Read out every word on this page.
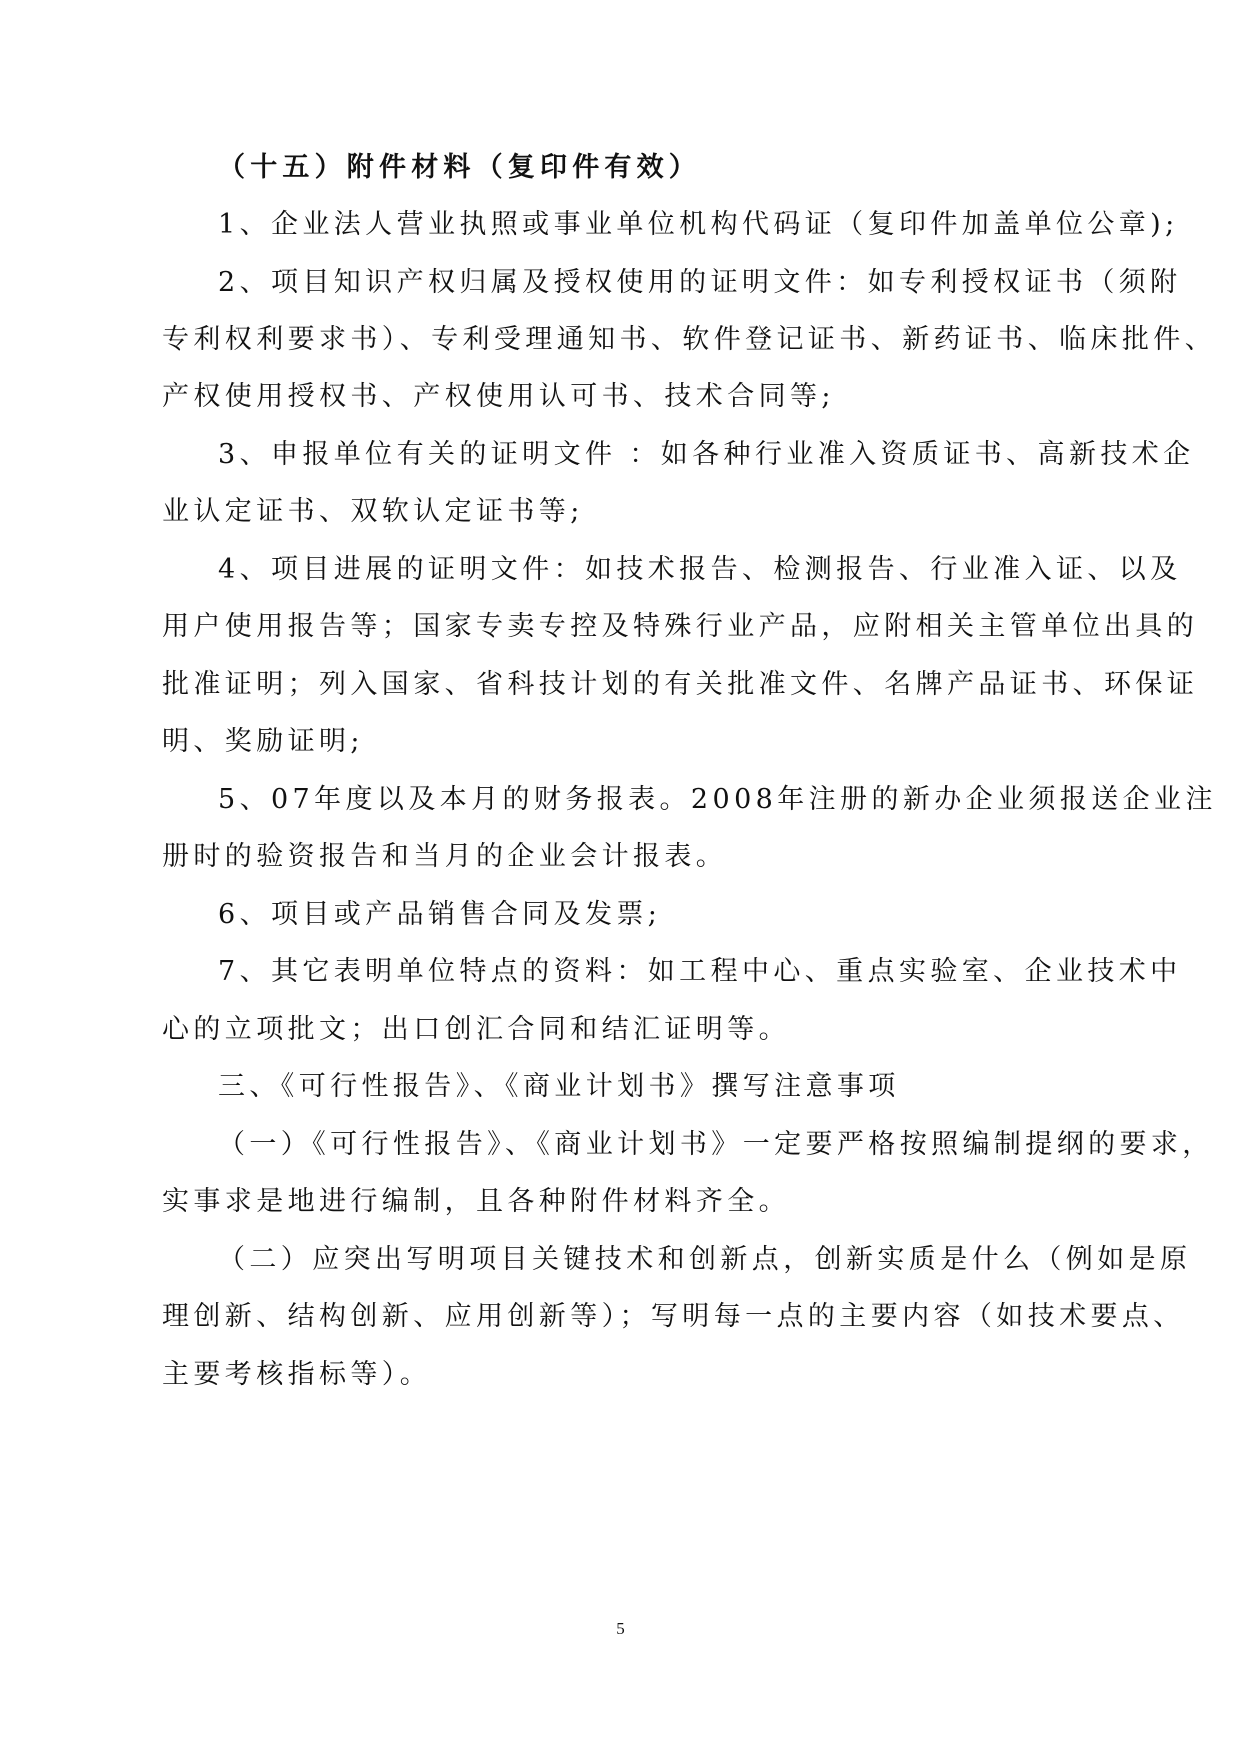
（十五）附件材料（复印件有效）
1、企业法人营业执照或事业单位机构代码证（复印件加盖单位公章);
2、项目知识产权归属及授权使用的证明文件：如专利授权证书（须附
专利权利要求书）、专利受理通知书、软件登记证书、新药证书、临床批件、
产权使用授权书、产权使用认可书、技术合同等;
3、申报单位有关的证明文件 ：如各种行业准入资质证书、高新技术企
业认定证书、双软认定证书等;
4、项目进展的证明文件：如技术报告、检测报告、行业准入证、以及
用户使用报告等；国家专卖专控及特殊行业产品，应附相关主管单位出具的
批准证明；列入国家、省科技计划的有关批准文件、名牌产品证书、环保证
明、奖励证明;
5、07年度以及本月的财务报表。2008年注册的新办企业须报送企业注
册时的验资报告和当月的企业会计报表。
6、项目或产品销售合同及发票;
7、其它表明单位特点的资料：如工程中心、重点实验室、企业技术中
心的立项批文；出口创汇合同和结汇证明等。
三、《可行性报告》、《商业计划书》撰写注意事项
（一）《可行性报告》、《商业计划书》一定要严格按照编制提纲的要求，
实事求是地进行编制，且各种附件材料齐全。
（二）应突出写明项目关键技术和创新点，创新实质是什么（例如是原
理创新、结构创新、应用创新等）；写明每一点的主要内容（如技术要点、
主要考核指标等）。
5
